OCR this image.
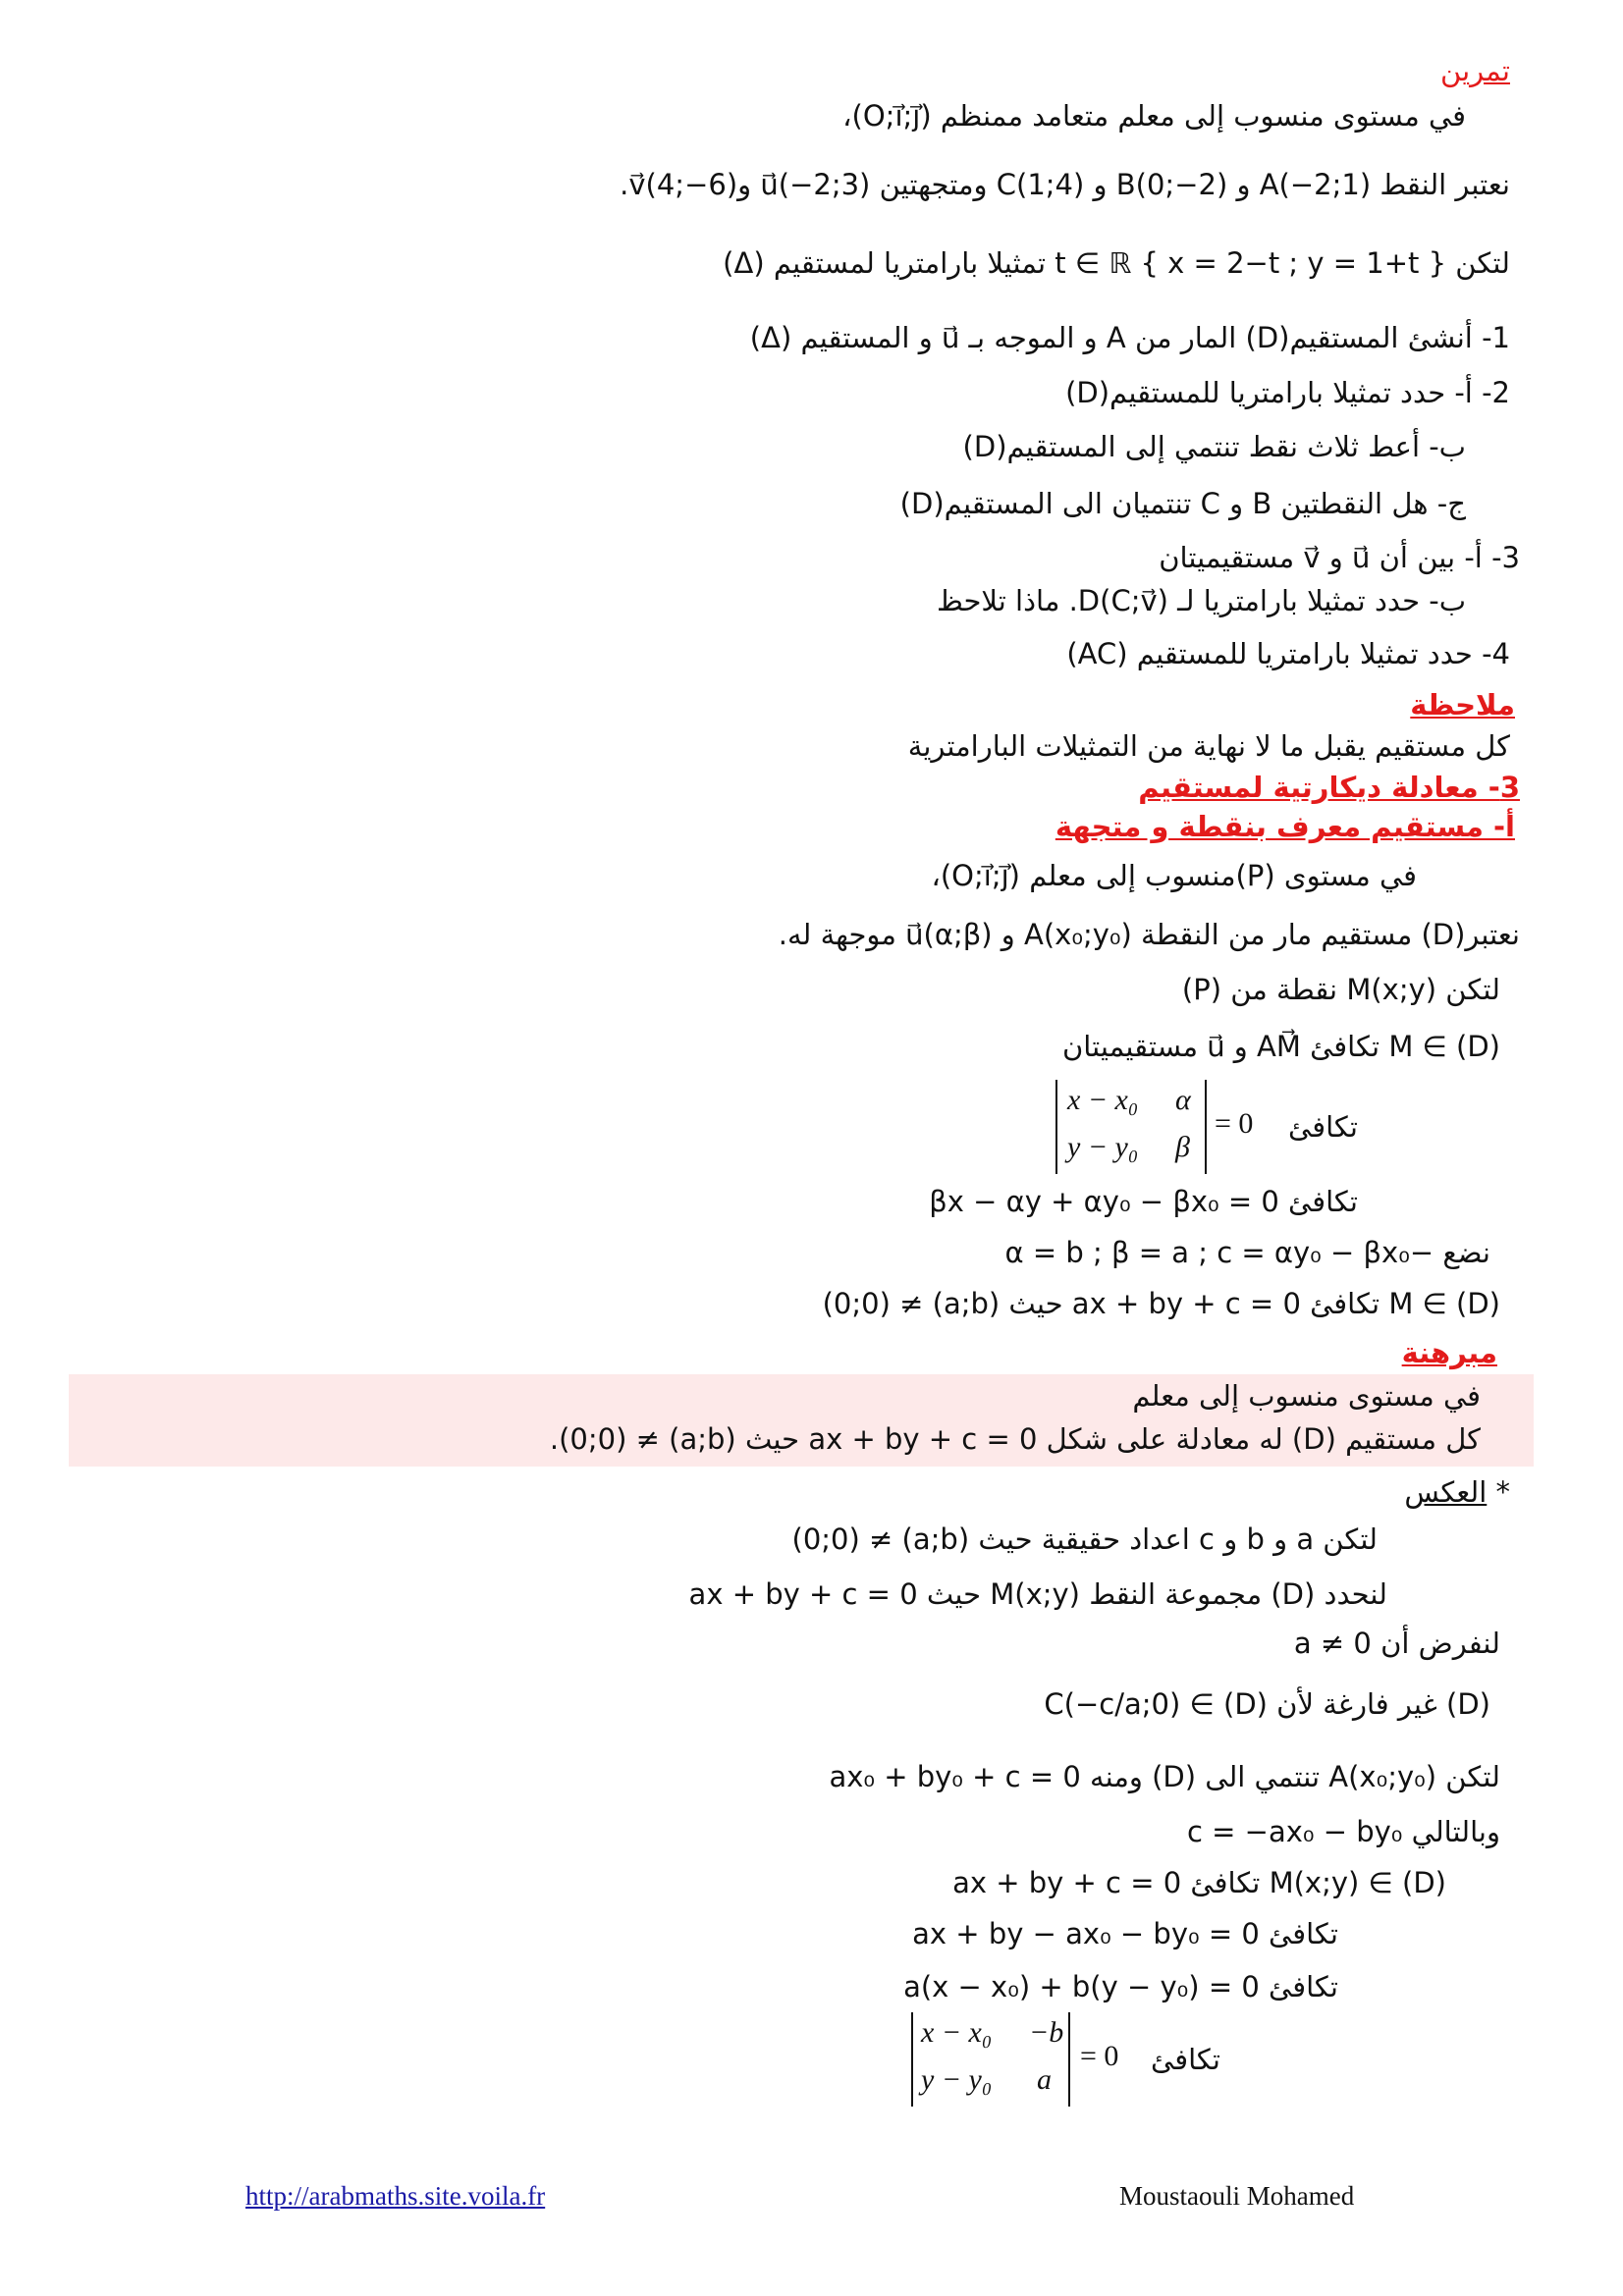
تمرين
في مستوى منسوب إلى معلم متعامد ممنظم (O;i⃗;j⃗)،
نعتبر النقط A(−2;1) و B(0;−2) و C(1;4) ومتجهتين u⃗(−2;3) وv⃗(4;−6).
لتكن t ∈ ℝ { x = 2−t ; y = 1+t } تمثيلا بارامتريا لمستقيم (Δ)
1- أنشئ المستقيم(D) المار من A و الموجه بـ u⃗ و المستقيم (Δ)
2- أ- حدد تمثيلا بارامتريا للمستقيم(D)
ب- أعط ثلاث نقط تنتمي إلى المستقيم(D)
ج- هل النقطتين B و C تنتميان الى المستقيم(D)
3- أ- بين أن u⃗ و v⃗ مستقيميتان
ب- حدد تمثيلا بارامتريا لـ D(C;v⃗). ماذا تلاحظ
4- حدد تمثيلا بارامتريا للمستقيم (AC)
ملاحظة
كل مستقيم يقبل ما لا نهاية من التمثيلات البارامترية
3- معادلة ديكارتية لمستقيم
أ- مستقيم معرف بنقطة و متجهة
في مستوى (P)منسوب إلى معلم (O;i⃗;j⃗)،
نعتبر(D) مستقيم مار من النقطة A(x₀;y₀) و u⃗(α;β) موجهة له.
لتكن M(x;y) نقطة من (P)
M ∈ (D) تكافئ AM⃗ و u⃗ مستقيميتان
تكافئ
x − x₀ α
y − y₀ β
= 0
تكافئ βx − αy + αy₀ − βx₀ = 0
نضع −α = b ; β = a ; c = αy₀ − βx₀
M ∈ (D) تكافئ ax + by + c = 0 حيث (a;b) ≠ (0;0)
مبرهنة
في مستوى منسوب إلى معلم
كل مستقيم (D) له معادلة على شكل ax + by + c = 0 حيث (a;b) ≠ (0;0).
* العكس
لتكن a و b و c اعداد حقيقية حيث (a;b) ≠ (0;0)
لنحدد (D) مجموعة النقط M(x;y) حيث ax + by + c = 0
لنفرض أن a ≠ 0
(D) غير فارغة لأن C(−c/a;0) ∈ (D)
لتكن A(x₀;y₀) تنتمي الى (D) ومنه ax₀ + by₀ + c = 0
وبالتالي c = −ax₀ − by₀
M(x;y) ∈ (D) تكافئ ax + by + c = 0
تكافئ ax + by − ax₀ − by₀ = 0
تكافئ a(x − x₀) + b(y − y₀) = 0
تكافئ
x − x₀ −b
y − y₀ a
= 0
http://arabmaths.site.voila.fr	Moustaouli Mohamed
